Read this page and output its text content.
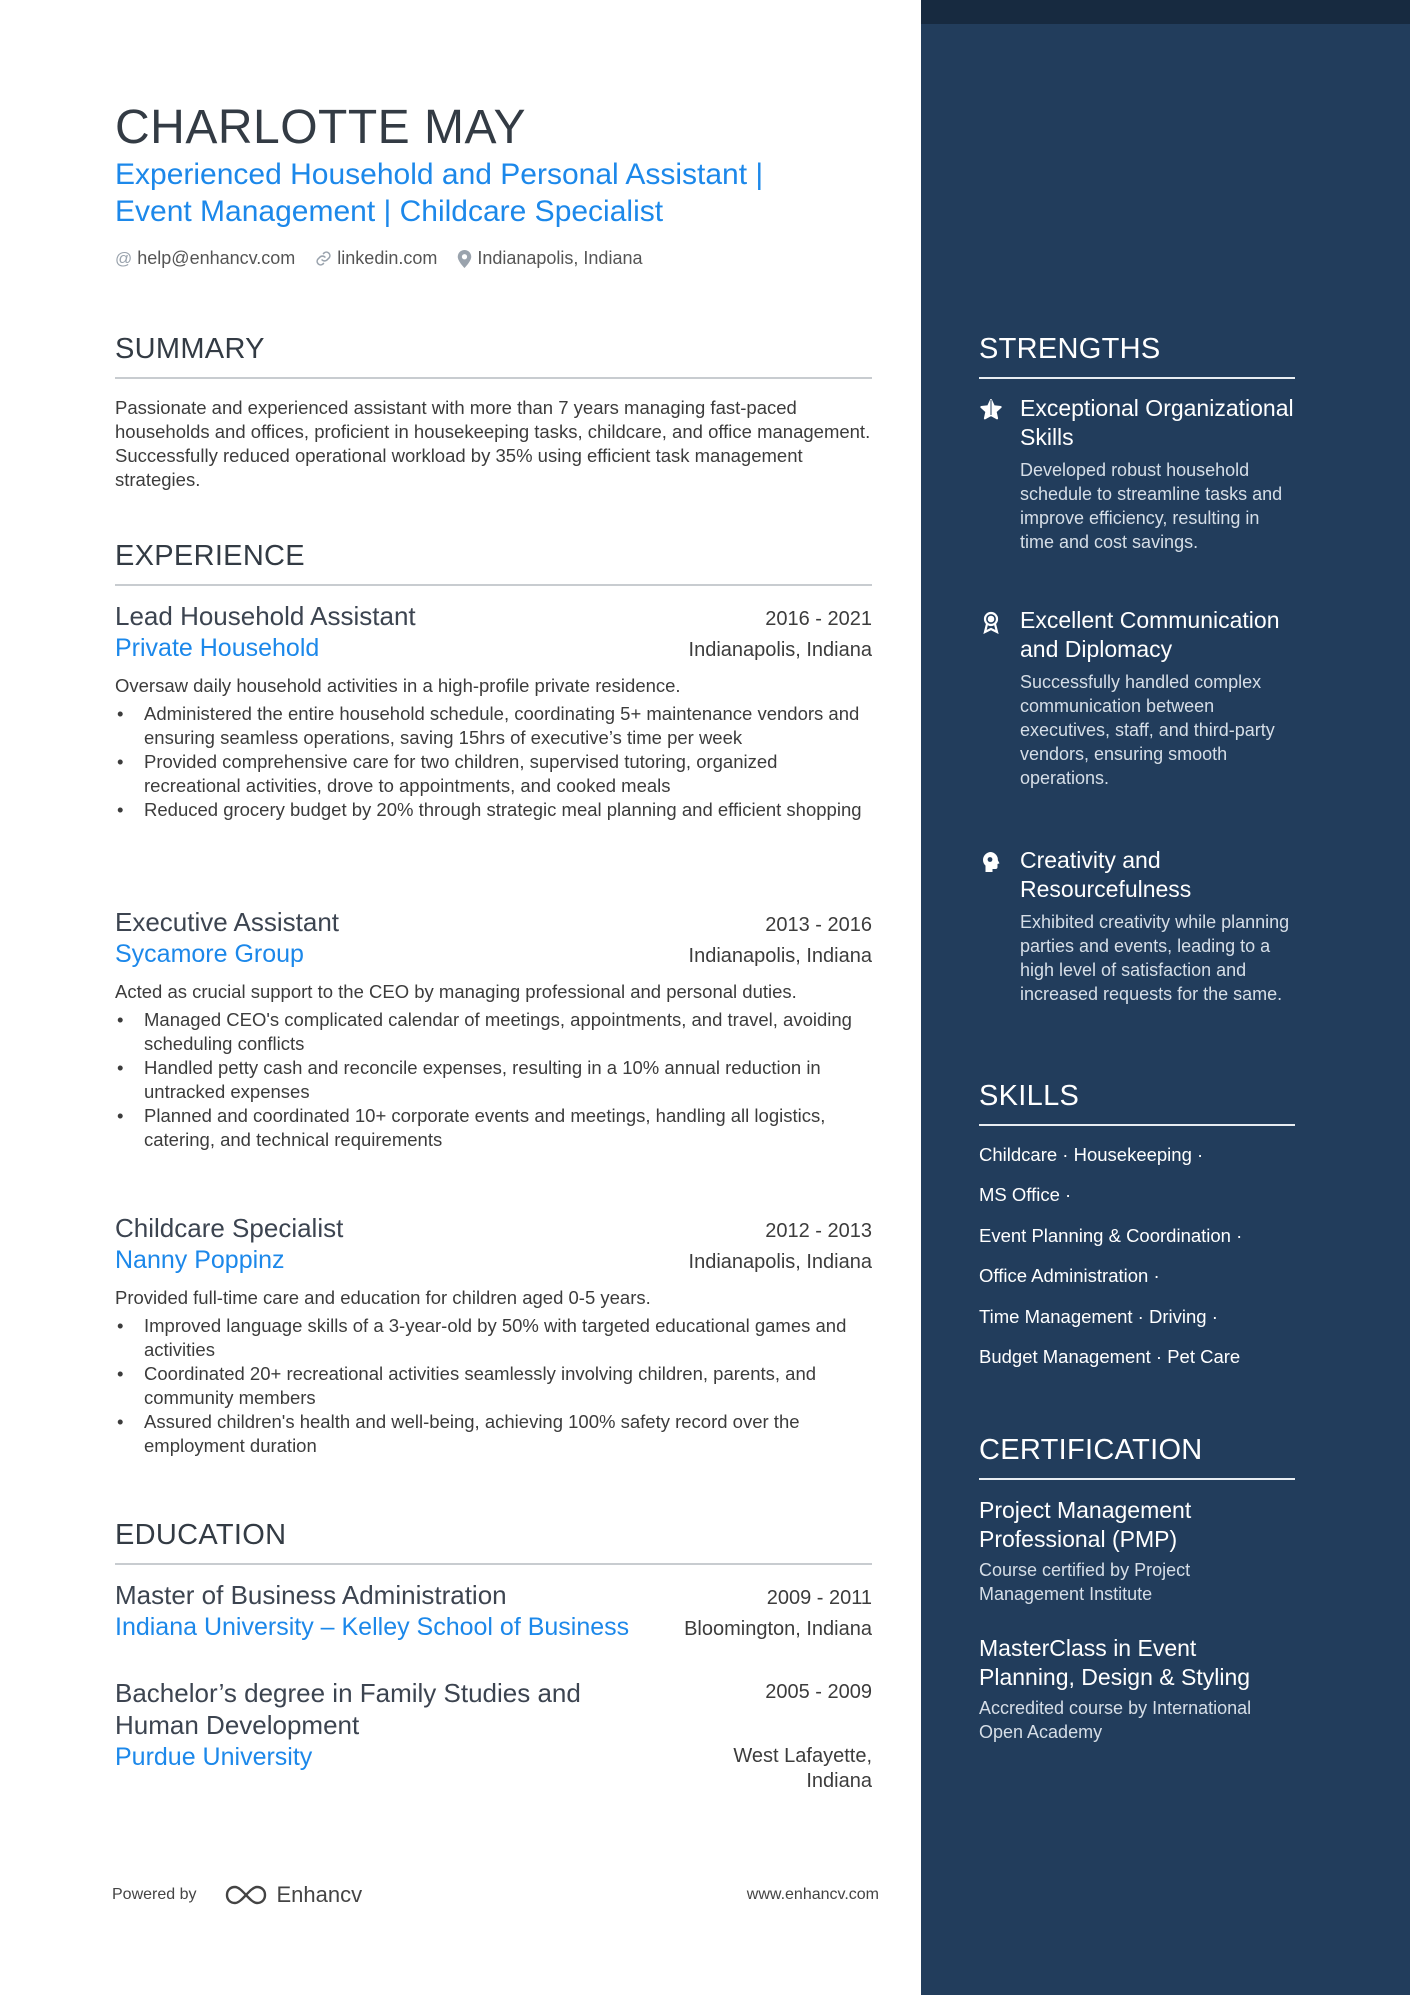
CHARLOTTE MAY
Experienced Household and Personal Assistant |
Event Management | Childcare Specialist
@ help@enhancv.com linkedin.com Indianapolis, Indiana
SUMMARY
Passionate and experienced assistant with more than 7 years managing fast-paced households and offices, proficient in housekeeping tasks, childcare, and office management. Successfully reduced operational workload by 35% using efficient task management strategies.
EXPERIENCE
Lead Household Assistant	2016 - 2021
Private Household	Indianapolis, Indiana
Oversaw daily household activities in a high-profile private residence.
• Administered the entire household schedule, coordinating 5+ maintenance vendors and ensuring seamless operations, saving 15hrs of executive’s time per week
• Provided comprehensive care for two children, supervised tutoring, organized recreational activities, drove to appointments, and cooked meals
• Reduced grocery budget by 20% through strategic meal planning and efficient shopping
Executive Assistant	2013 - 2016
Sycamore Group	Indianapolis, Indiana
Acted as crucial support to the CEO by managing professional and personal duties.
• Managed CEO's complicated calendar of meetings, appointments, and travel, avoiding scheduling conflicts
• Handled petty cash and reconcile expenses, resulting in a 10% annual reduction in untracked expenses
• Planned and coordinated 10+ corporate events and meetings, handling all logistics, catering, and technical requirements
Childcare Specialist	2012 - 2013
Nanny Poppinz	Indianapolis, Indiana
Provided full-time care and education for children aged 0-5 years.
• Improved language skills of a 3-year-old by 50% with targeted educational games and activities
• Coordinated 20+ recreational activities seamlessly involving children, parents, and community members
• Assured children's health and well-being, achieving 100% safety record over the employment duration
EDUCATION
Master of Business Administration	2009 - 2011
Indiana University – Kelley School of Business	Bloomington, Indiana
Bachelor’s degree in Family Studies and Human Development
2005 - 2009
Purdue University	West Lafayette, Indiana
Powered by	Enhancv	www.enhancv.com
STRENGTHS
Exceptional Organizational Skills
Developed robust household schedule to streamline tasks and improve efficiency, resulting in time and cost savings.
Excellent Communication and Diplomacy
Successfully handled complex communication between executives, staff, and third-party vendors, ensuring smooth operations.
Creativity and Resourcefulness
Exhibited creativity while planning parties and events, leading to a high level of satisfaction and increased requests for the same.
SKILLS
Childcare · Housekeeping ·
MS Office ·
Event Planning & Coordination ·
Office Administration ·
Time Management · Driving ·
Budget Management · Pet Care
CERTIFICATION
Project Management Professional (PMP)
Course certified by Project Management Institute
MasterClass in Event Planning, Design & Styling
Accredited course by International Open Academy
